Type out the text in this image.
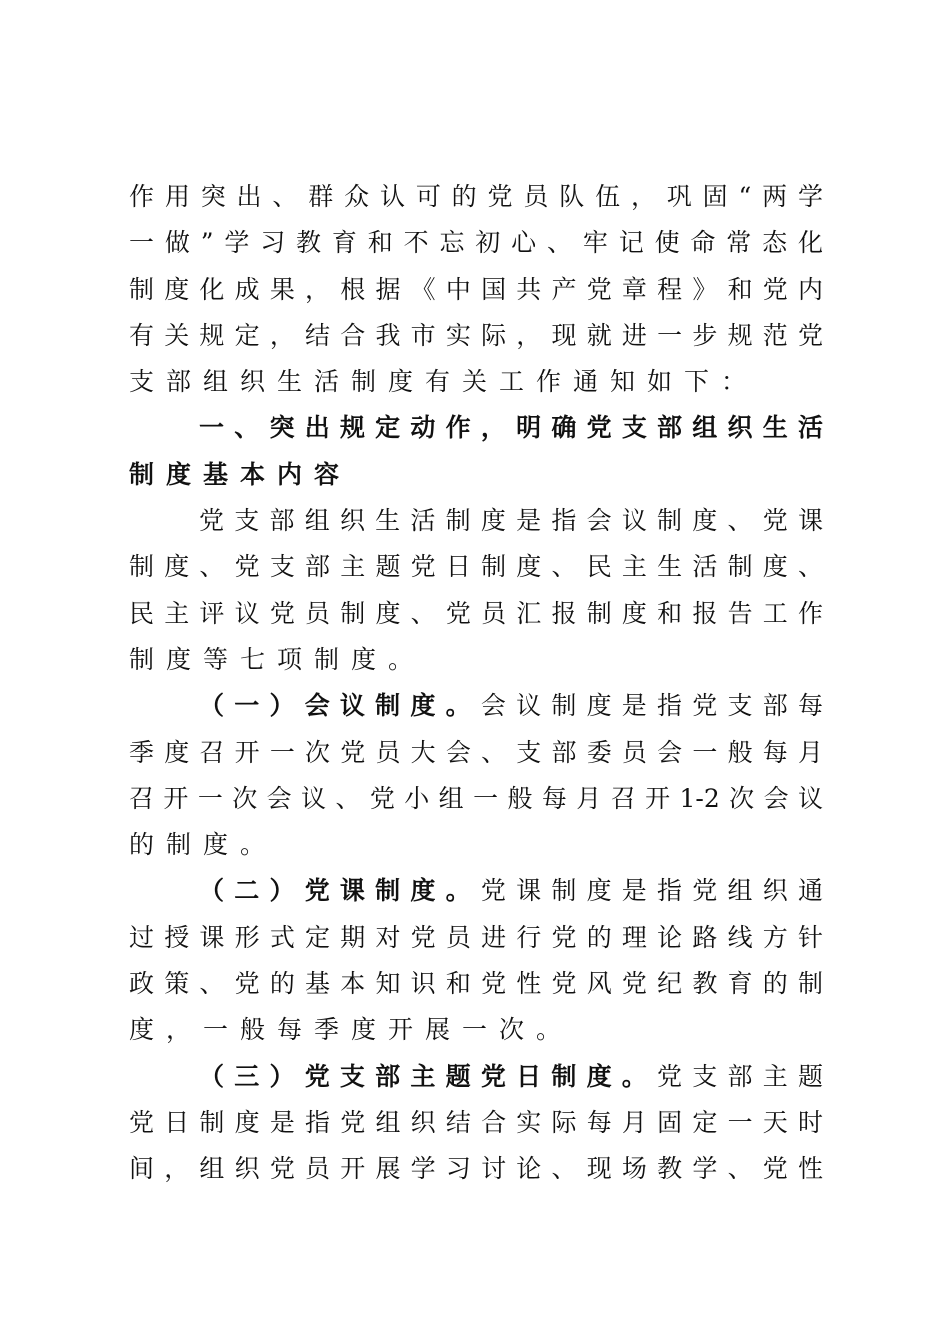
作用突出、群众认可的党员队伍，巩固“两学
一做”学习教育和不忘初心、牢记使命常态化
制度化成果，根据《中国共产党章程》和党内
有关规定，结合我市实际，现就进一步规范党
支部组织生活制度有关工作通知如下：
一、突出规定动作，明确党支部组织生活
制度基本内容
党支部组织生活制度是指会议制度、党课
制度、党支部主题党日制度、民主生活制度、
民主评议党员制度、党员汇报制度和报告工作
制度等七项制度。
（一）会议制度。会议制度是指党支部每
季度召开一次党员大会、支部委员会一般每月
召开一次会议、党小组一般每月召开1-2次会议
的制度。
（二）党课制度。党课制度是指党组织通
过授课形式定期对党员进行党的理论路线方针
政策、党的基本知识和党性党风党纪教育的制
度，一般每季度开展一次。
（三）党支部主题党日制度。党支部主题
党日制度是指党组织结合实际每月固定一天时
间，组织党员开展学习讨论、现场教学、党性
